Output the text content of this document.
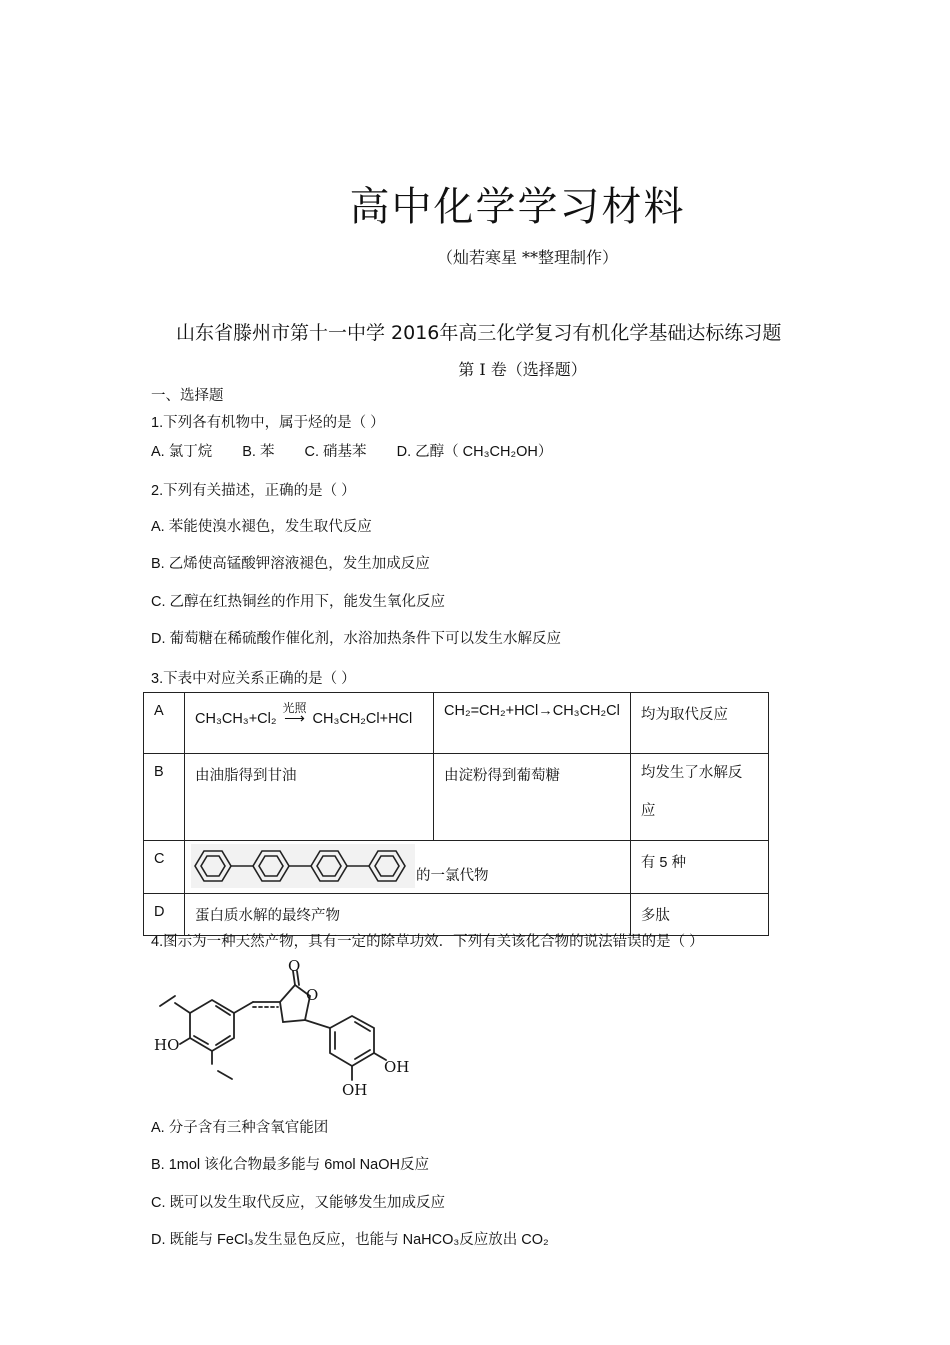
高中化学学习材料
（灿若寒星 **整理制作）
山东省滕州市第十一中学 2016年高三化学复习有机化学基础达标练习题
第 I 卷（选择题）
一、选择题
1.下列各有机物中，属于烃的是（ ）
A. 氯丁烷 B. 苯 C. 硝基苯 D. 乙醇（ CH₃CH₂OH）
2.下列有关描述，正确的是（ ）
A. 苯能使溴水褪色，发生取代反应
B. 乙烯使高锰酸钾溶液褪色，发生加成反应
C. 乙醇在红热铜丝的作用下，能发生氧化反应
D. 葡萄糖在稀硫酸作催化剂，水浴加热条件下可以发生水解反应
3.下表中对应关系正确的是（ ）
A	CH₃CH₃+Cl₂
光照
⟶ CH₃CH₂Cl+HCl	CH₂=CH₂+HCl→CH₃CH₂Cl	均为取代反应
B	由油脂得到甘油	由淀粉得到葡萄糖	均发生了水解反
应

C	的一氯代物		有 5 种
D	蛋白质水解的最终产物		多肽
4.图示为一种天然产物，具有一定的除草功效．下列有关该化合物的说法错误的是（ ）
O
O
HO
OH
OH
A. 分子含有三种含氧官能团
B. 1mol 该化合物最多能与 6mol NaOH反应
C. 既可以发生取代反应，又能够发生加成反应
D. 既能与 FeCl₃发生显色反应，也能与 NaHCO₃反应放出 CO₂
